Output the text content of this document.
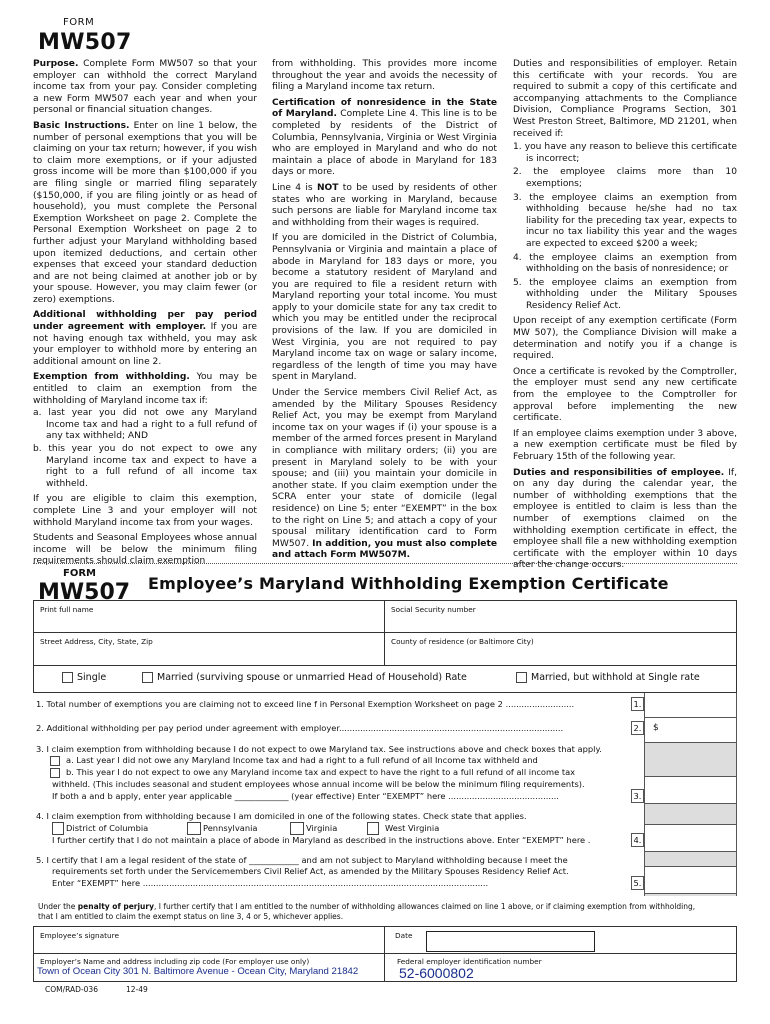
FORM
MW507

Purpose. Complete Form MW507 so that your employer can withhold the correct Maryland income tax from your pay. Consider completing a new Form MW507 each year and when your personal or financial situation changes.

Basic Instructions. Enter on line 1 below, the number of personal exemptions that you will be claiming on your tax return; however, if you wish to claim more exemptions, or if your adjusted gross income will be more than $100,000 if you are filing single or married filing separately ($150,000, if you are filing jointly or as head of household), you must complete the Personal Exemption Worksheet on page 2. Complete the Personal Exemption Worksheet on page 2 to further adjust your Maryland withholding based upon itemized deductions, and certain other expenses that exceed your standard deduction and are not being claimed at another job or by your spouse. However, you may claim fewer (or zero) exemptions.

Additional withholding per pay period under agreement with employer. If you are not having enough tax withheld, you may ask your employer to withhold more by entering an additional amount on line 2.

Exemption from withholding. You may be entitled to claim an exemption from the withholding of Maryland income tax if:

a. last year you did not owe any Maryland Income tax and had a right to a full refund of any tax withheld; AND

b. this year you do not expect to owe any Maryland income tax and expect to have a right to a full refund of all income tax withheld.

If you are eligible to claim this exemption, complete Line 3 and your employer will not withhold Maryland income tax from your wages.

Students and Seasonal Employees whose annual income will be below the minimum filing requirements should claim exemption

from withholding. This provides more income throughout the year and avoids the necessity of filing a Maryland income tax return.

Certification of nonresidence in the State of Maryland. Complete Line 4. This line is to be completed by residents of the District of Columbia, Pennsylvania, Virginia or West Virginia who are employed in Maryland and who do not maintain a place of abode in Maryland for 183 days or more.

Line 4 is NOT to be used by residents of other states who are working in Maryland, because such persons are liable for Maryland income tax and withholding from their wages is required.

If you are domiciled in the District of Columbia, Pennsylvania or Virginia and maintain a place of abode in Maryland for 183 days or more, you become a statutory resident of Maryland and you are required to file a resident return with Maryland reporting your total income. You must apply to your domicile state for any tax credit to which you may be entitled under the reciprocal provisions of the law. If you are domiciled in West Virginia, you are not required to pay Maryland income tax on wage or salary income, regardless of the length of time you may have spent in Maryland.

Under the Service members Civil Relief Act, as amended by the Military Spouses Residency Relief Act, you may be exempt from Maryland income tax on your wages if (i) your spouse is a member of the armed forces present in Maryland in compliance with military orders; (ii) you are present in Maryland solely to be with your spouse; and (iii) you maintain your domicile in another state. If you claim exemption under the SCRA enter your state of domicile (legal residence) on Line 5; enter “EXEMPT” in the box to the right on Line 5; and attach a copy of your spousal military identification card to Form MW507. In addition, you must also complete and attach Form MW507M.

Duties and responsibilities of employer. Retain this certificate with your records. You are required to submit a copy of this certificate and accompanying attachments to the Compliance Division, Compliance Programs Section, 301 West Preston Street, Baltimore, MD 21201, when received if:

1. you have any reason to believe this certificate is incorrect;

2. the employee claims more than 10 exemptions;

3. the employee claims an exemption from withholding because he/she had no tax liability for the preceding tax year, expects to incur no tax liability this year and the wages are expected to exceed $200 a week;

4. the employee claims an exemption from withholding on the basis of nonresidence; or

5. the employee claims an exemption from withholding under the Military Spouses Residency Relief Act.

Upon receipt of any exemption certificate (Form MW 507), the Compliance Division will make a determination and notify you if a change is required.

Once a certificate is revoked by the Comptroller, the employer must send any new certificate from the employee to the Comptroller for approval before implementing the new certificate.

If an employee claims exemption under 3 above, a new exemption certificate must be filed by February 15th of the following year.

Duties and responsibilities of employee. If, on any day during the calendar year, the number of withholding exemptions that the employee is entitled to claim is less than the number of exemptions claimed on the withholding exemption certificate in effect, the employee shall file a new withholding exemption certificate with the employer within 10 days after the change occurs.

FORM
MW507 Employee’s Maryland Withholding Exemption Certificate
Print full name	Social Security number
Street Address, City, State, Zip	County of residence (or Baltimore City)
Single	Married (surviving spouse or unmarried Head of Household) Rate	Married, but withhold at Single rate
1. Total number of exemptions you are claiming not to exceed line f in Personal Exemption Worksheet on page 2 ..........................	1.
2. Additional withholding per pay period under agreement with employer.....................................................................................	2. $
3. I claim exemption from withholding because I do not expect to owe Maryland tax. See instructions above and check boxes that apply.
a. Last year I did not owe any Maryland Income tax and had a right to a full refund of all Income tax withheld and
b. This year I do not expect to owe any Maryland income tax and expect to have the right to a full refund of all income tax
withheld. (This includes seasonal and student employees whose annual income will be below the minimum filing requirements).
If both a and b apply, enter year applicable _____________ (year effective) Enter “EXEMPT” here ..........................................	3.
4. I claim exemption from withholding because I am domiciled in one of the following states. Check state that applies.
District of Columbia	Pennsylvania	Virginia	West Virginia
I further certify that I do not maintain a place of abode in Maryland as described in the instructions above. Enter “EXEMPT” here .	4.
5. I certify that I am a legal resident of the state of ____________ and am not subject to Maryland withholding because I meet the
requirements set forth under the Servicemembers Civil Relief Act, as amended by the Military Spouses Residency Relief Act.
Enter “EXEMPT” here ...................................................................................................................................	5.
Under the penalty of perjury, I further certify that I am entitled to the number of withholding allowances claimed on line 1 above, or if claiming exemption from withholding,
that I am entitled to claim the exempt status on line 3, 4 or 5, whichever applies.
Employee’s signature	Date
Employer’s Name and address including zip code (For employer use only)
Town of Ocean City 301 N. Baltimore Avenue - Ocean City, Maryland 21842
Federal employer identification number
52-6000802
COM/RAD-036	12-49
